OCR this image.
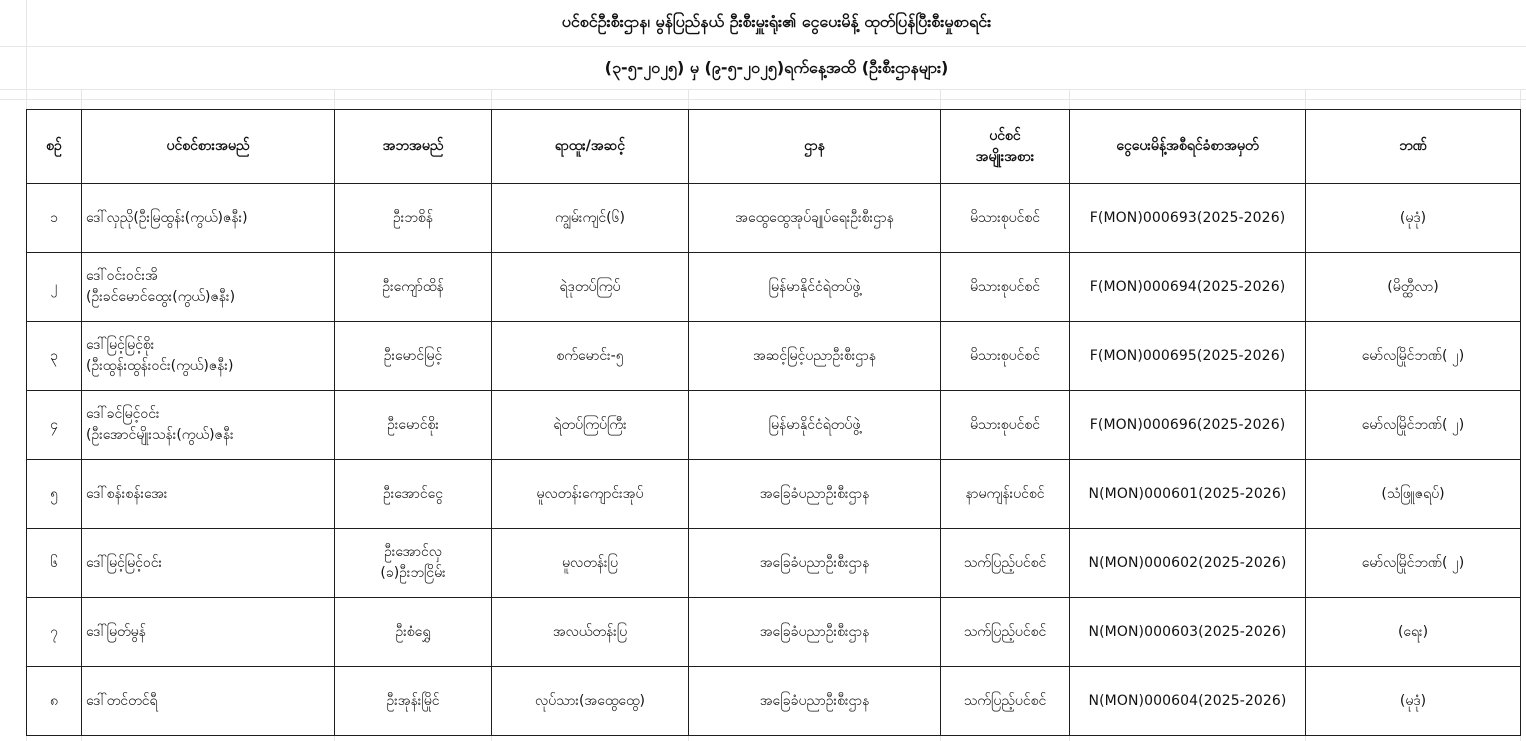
ပင်စင်ဦးစီးဌာန၊ မွန်ပြည်နယ် ဦးစီးမှူးရုံး၏ ငွေပေးမိန့် ထုတ်ပြန်ပြီးစီးမှုစာရင်း
(၃-၅-၂၀၂၅) မှ (၉-၅-၂၀၂၅)ရက်နေ့အထိ (ဦးစီးဌာနများ)
စဉ်	ပင်စင်စားအမည်	အဘအမည်	ရာထူး/အဆင့်	ဌာန	ပင်စင်
အမျိုးအစား	ငွေပေးမိန့်အစီရင်ခံစာအမှတ်	ဘဏ်

၁	ဒေါ်လှညို(ဦးမြထွန်း(ကွယ်)ဇနီး)	ဦးဘစိန်	ကျွမ်းကျင်(၆)	အထွေထွေအုပ်ချုပ်ရေးဦးစီးဌာန	မိသားစုပင်စင်	F(MON)000693(2025-2026)	(မုဒုံ)

၂	ဒေါ်ဝင်းဝင်းအိ
(ဦးခင်မောင်ထွေး(ကွယ်)ဇနီး)	ဦးကျော်ထိန်	ရဲဒုတပ်ကြပ်	မြန်မာနိုင်ငံရဲတပ်ဖွဲ့	မိသားစုပင်စင်	F(MON)000694(2025-2026)	(မိတ္ထီလာ)

၃	ဒေါ်မြင့်မြင့်စိုး
(ဦးထွန်းထွန်းဝင်း(ကွယ်)ဇနီး)	ဦးမောင်မြင့်	စက်မောင်း-၅	အဆင့်မြင့်ပညာဦးစီးဌာန	မိသားစုပင်စင်	F(MON)000695(2025-2026)	မော်လမြိုင်ဘဏ်( ၂)

၄	ဒေါ်ခင်မြင့်ဝင်း
(ဦးအောင်မျိုးသန်း(ကွယ်)ဇနီး	ဦးမောင်စိုး	ရဲတပ်ကြပ်ကြီး	မြန်မာနိုင်ငံရဲတပ်ဖွဲ့	မိသားစုပင်စင်	F(MON)000696(2025-2026)	မော်လမြိုင်ဘဏ်( ၂)

၅	ဒေါ်စန်းစန်းအေး	ဦးအောင်ငွေ	မူလတန်းကျောင်းအုပ်	အခြေခံပညာဦးစီးဌာန	နာမကျန်းပင်စင်	N(MON)000601(2025-2026)	(သံဖြူဇရပ်)

၆	ဒေါ်မြင့်မြင့်ဝင်း	ဦးအောင်လှ
(ခ)ဦးဘငြိမ်း	မူလတန်းပြ	အခြေခံပညာဦးစီးဌာန	သက်ပြည့်ပင်စင်	N(MON)000602(2025-2026)	မော်လမြိုင်ဘဏ်( ၂)

၇	ဒေါ်မြတ်မွန်	ဦးစံရွှေ	အလယ်တန်းပြ	အခြေခံပညာဦးစီးဌာန	သက်ပြည့်ပင်စင်	N(MON)000603(2025-2026)	(ရေး)

၈	ဒေါ်တင်တင်ရီ	ဦးအုန်းမြိုင်	လုပ်သား(အထွေထွေ)	အခြေခံပညာဦးစီးဌာန	သက်ပြည့်ပင်စင်	N(MON)000604(2025-2026)	(မုဒုံ)
